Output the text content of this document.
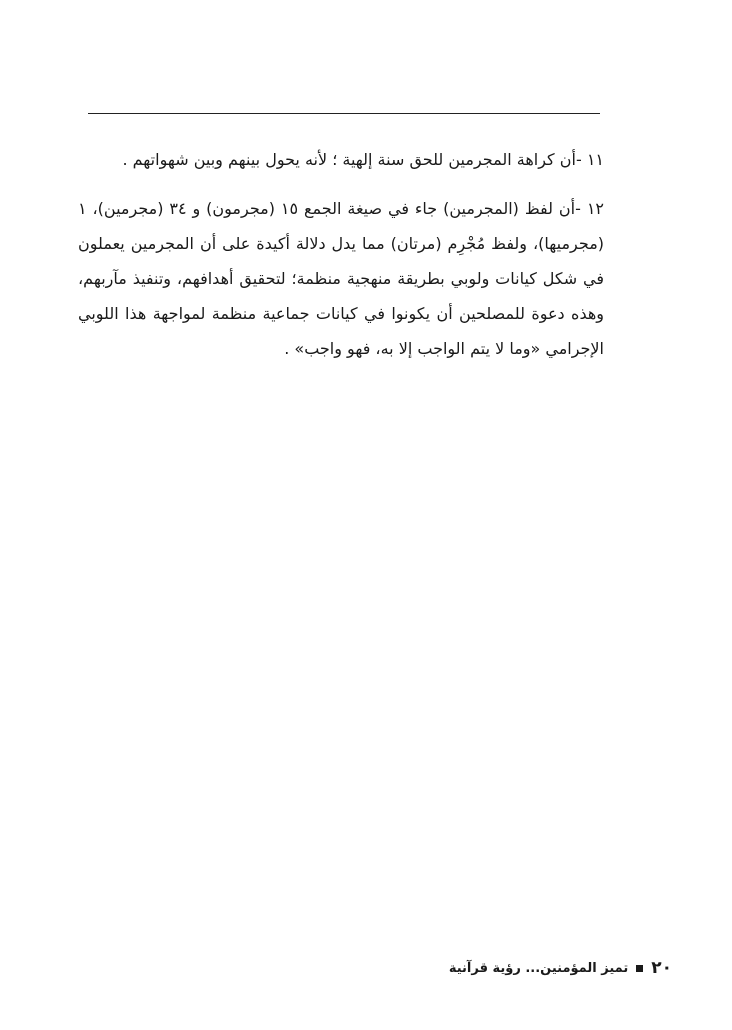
١١ -أن كراهة المجرمين للحق سنة إلهية ؛ لأنه يحول بينهم وبين شهواتهم .

١٢ -أن لفظ (المجرمين) جاء في صيغة الجمع ١٥ (مجرمون) و ٣٤ (مجرمين)، ١ (مجرميها)، ولفظ مُجْرِم (مرتان) مما يدل دلالة أكيدة على أن المجرمين يعملون في شكل كيانات ولوبي بطريقة منهجية منظمة؛ لتحقيق أهدافهم، وتنفيذ مآربهم، وهذه دعوة للمصلحين أن يكونوا في كيانات جماعية منظمة لمواجهة هذا اللوبي الإجرامي «وما لا يتم الواجب إلا به، فهو واجب» .

٢٠
تميز المؤمنين... رؤية قرآنية
